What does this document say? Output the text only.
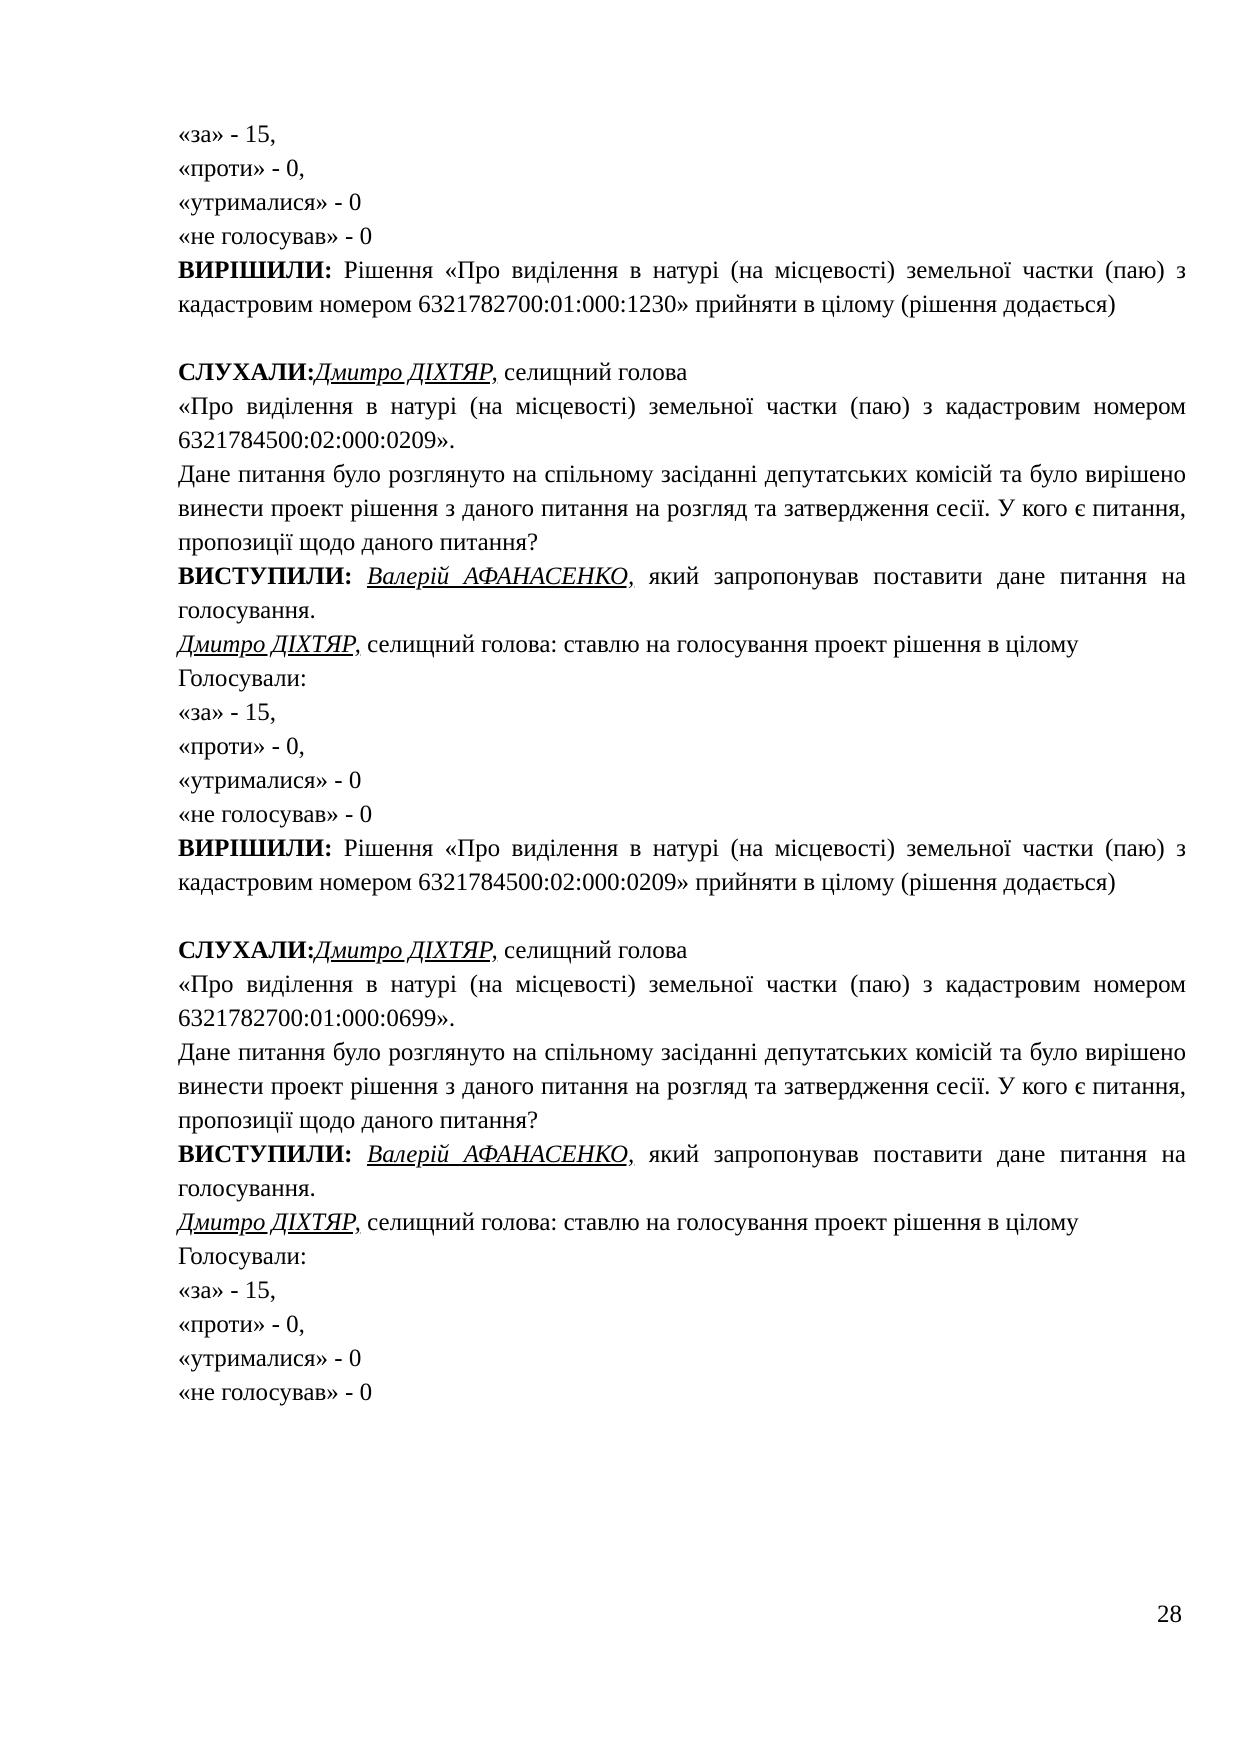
«за» - 15,
«проти» - 0,
«утрималися» - 0
«не голосував» - 0
ВИРІШИЛИ: Рішення «Про виділення в натурі (на місцевості) земельної частки (паю) з кадастровим номером 6321782700:01:000:1230» прийняти в цілому (рішення додається)
СЛУХАЛИ:Дмитро ДІХТЯР, селищний голова
«Про виділення в натурі (на місцевості) земельної частки (паю) з кадастровим номером 6321784500:02:000:0209».
Дане питання було розглянуто на спільному засіданні депутатських комісій та було вирішено винести проект рішення з даного питання на розгляд та затвердження сесії. У кого є питання, пропозиції щодо даного питання?
ВИСТУПИЛИ: Валерій АФАНАСЕНКО, який запропонував поставити дане питання на голосування.
Дмитро ДІХТЯР, селищний голова: ставлю на голосування проект рішення в цілому
Голосували:
«за» - 15,
«проти» - 0,
«утрималися» - 0
«не голосував» - 0
ВИРІШИЛИ: Рішення «Про виділення в натурі (на місцевості) земельної частки (паю) з кадастровим номером 6321784500:02:000:0209» прийняти в цілому (рішення додається)
СЛУХАЛИ:Дмитро ДІХТЯР, селищний голова
«Про виділення в натурі (на місцевості) земельної частки (паю) з кадастровим номером 6321782700:01:000:0699».
Дане питання було розглянуто на спільному засіданні депутатських комісій та було вирішено винести проект рішення з даного питання на розгляд та затвердження сесії. У кого є питання, пропозиції щодо даного питання?
ВИСТУПИЛИ: Валерій АФАНАСЕНКО, який запропонував поставити дане питання на голосування.
Дмитро ДІХТЯР, селищний голова: ставлю на голосування проект рішення в цілому
Голосували:
«за» - 15,
«проти» - 0,
«утрималися» - 0
«не голосував» - 0
28
